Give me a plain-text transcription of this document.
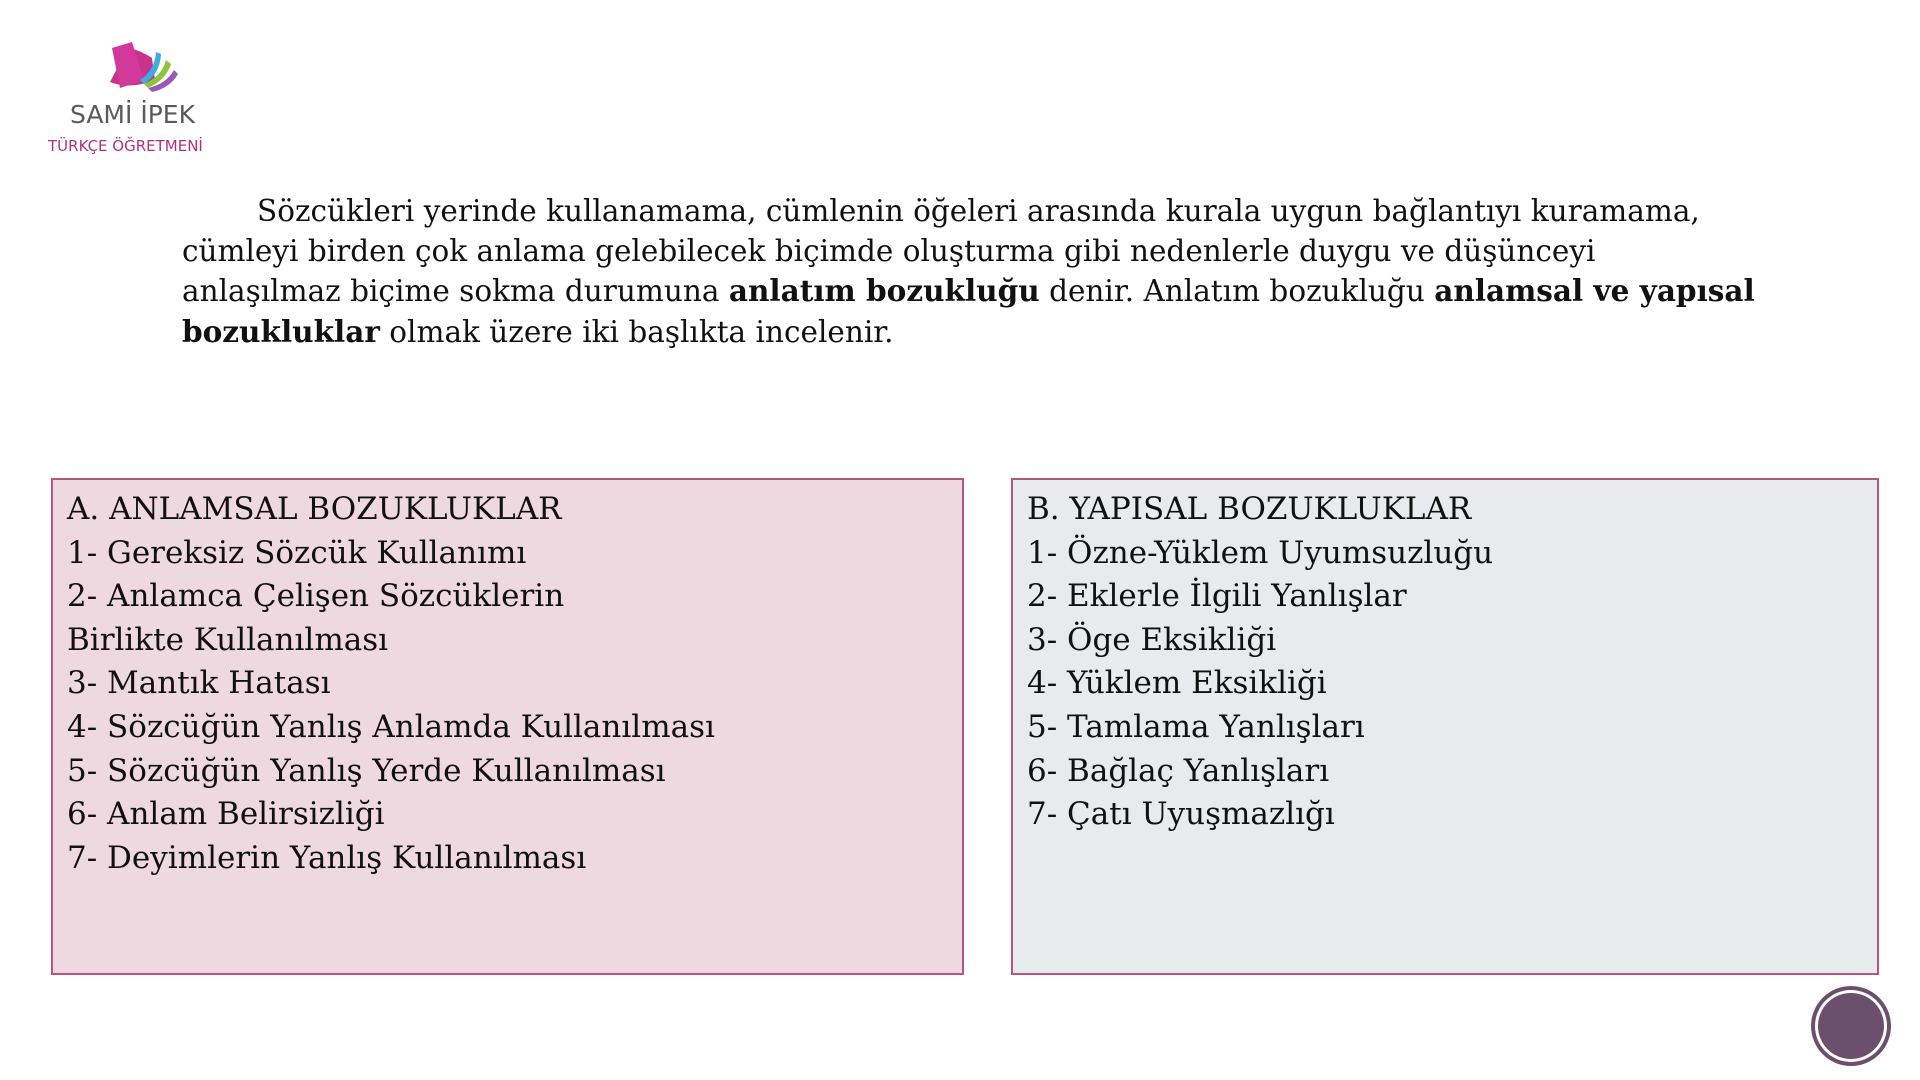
SAMİ İPEK
TÜRKÇE ÖĞRETMENİ
Sözcükleri yerinde kullanamama, cümlenin öğeleri arasında kurala uygun bağlantıyı kuramama, cümleyi birden çok anlama gelebilecek biçimde oluşturma gibi nedenlerle duygu ve düşünceyi anlaşılmaz biçime sokma durumuna anlatım bozukluğu denir. Anlatım bozukluğu anlamsal ve yapısal bozukluklar olmak üzere iki başlıkta incelenir.
A. ANLAMSAL BOZUKLUKLAR
1- Gereksiz Sözcük Kullanımı
2- Anlamca Çelişen Sözcüklerin Birlikte Kullanılması
3- Mantık Hatası
4- Sözcüğün Yanlış Anlamda Kullanılması
5- Sözcüğün Yanlış Yerde Kullanılması
6- Anlam Belirsizliği
7- Deyimlerin Yanlış Kullanılması
B. YAPISAL BOZUKLUKLAR
1- Özne-Yüklem Uyumsuzluğu
2- Eklerle İlgili Yanlışlar
3- Öge Eksikliği
4- Yüklem Eksikliği
5- Tamlama Yanlışları
6- Bağlaç Yanlışları
7- Çatı Uyuşmazlığı
